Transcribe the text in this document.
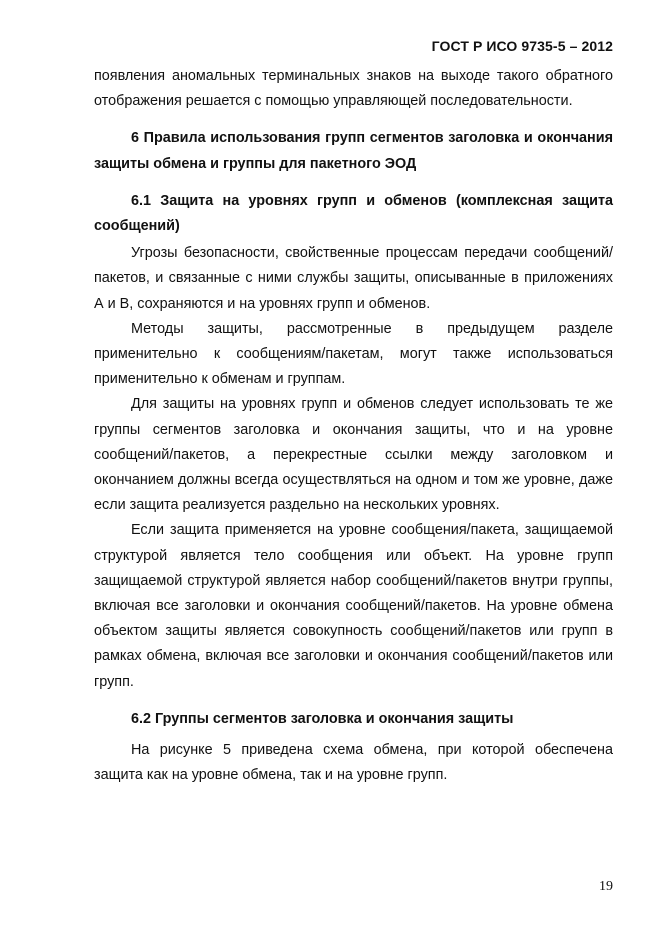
ГОСТ Р ИСО 9735-5 – 2012

появления аномальных терминальных знаков на выходе такого обратного отображения решается с помощью управляющей последовательности.

6 Правила использования групп сегментов заголовка и окончания защиты обмена и группы для пакетного ЭОД

6.1 Защита на уровнях групп и обменов (комплексная защита сообщений)

Угрозы безопасности, свойственные процессам передачи сообщений/пакетов, и связанные с ними службы защиты, описыванные в приложениях А и В, сохраняются и на уровнях групп и обменов.

Методы защиты, рассмотренные в предыдущем разделе применительно к сообщениям/пакетам, могут также использоваться применительно к обменам и группам.

Для защиты на уровнях групп и обменов следует использовать те же группы сегментов заголовка и окончания защиты, что и на уровне сообщений/пакетов, а перекрестные ссылки между заголовком и окончанием должны всегда осуществляться на одном и том же уровне, даже если защита реализуется раздельно на нескольких уровнях.

Если защита применяется на уровне сообщения/пакета, защищаемой структурой является тело сообщения или объект. На уровне групп защищаемой структурой является набор сообщений/пакетов внутри группы, включая все заголовки и окончания сообщений/пакетов. На уровне обмена объектом защиты является совокупность сообщений/пакетов или групп в рамках обмена, включая все заголовки и окончания сообщений/пакетов или групп.

6.2 Группы сегментов заголовка и окончания защиты

На рисунке 5 приведена схема обмена, при которой обеспечена защита как на уровне обмена, так и на уровне групп.

19
